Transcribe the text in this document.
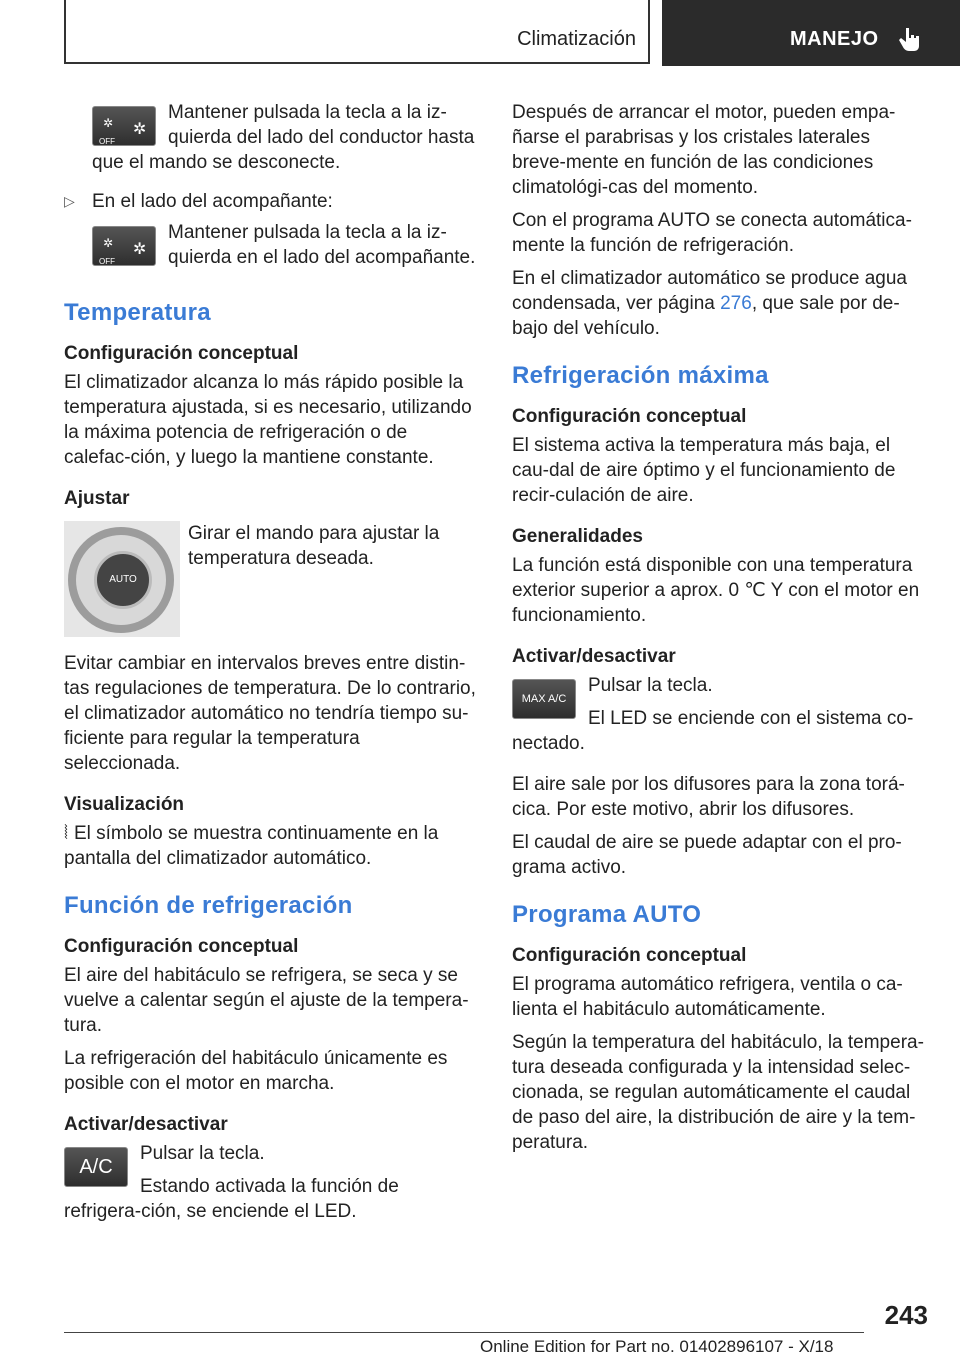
Climatización	MANEJO
OFF
✲
✲	Mantener pulsada la tecla a la iz-quierda del lado del conductor hasta que el mando se desconecte.

▷ En el lado del acompañante:
OFF
✲
✲	Mantener pulsada la tecla a la iz-quierda en el lado del acompañante.

Temperatura
Configuración conceptual

El climatizador alcanza lo más rápido posible la temperatura ajustada, si es necesario, utilizando la máxima potencia de refrigeración o de calefac-ción, y luego la mantiene constante.

Ajustar
AUTO

Girar el mando para ajustar la temperatura deseada.

Evitar cambiar en intervalos breves entre distin-tas regulaciones de temperatura. De lo contrario, el climatizador automático no tendría tiempo su-ficiente para regular la temperatura seleccionada.

Visualización

⦚ El símbolo se muestra continuamente en la pantalla del climatizador automático.

Función de refrigeración
Configuración conceptual

El aire del habitáculo se refrigera, se seca y se vuelve a calentar según el ajuste de la tempera-tura.

La refrigeración del habitáculo únicamente es posible con el motor en marcha.

Activar/desactivar
A/C

Pulsar la tecla.

Estando activada la función de refrigera-ción, se enciende el LED.

Después de arrancar el motor, pueden empa-ñarse el parabrisas y los cristales laterales breve-mente en función de las condiciones climatológi-cas del momento.

Con el programa AUTO se conecta automática-mente la función de refrigeración.

En el climatizador automático se produce agua condensada, ver página 276, que sale por de-bajo del vehículo.

Refrigeración máxima
Configuración conceptual

El sistema activa la temperatura más baja, el cau-dal de aire óptimo y el funcionamiento de recir-culación de aire.

Generalidades

La función está disponible con una temperatura exterior superior a aprox. 0 ℃ Y con el motor en funcionamiento.

Activar/desactivar
MAX A/C

Pulsar la tecla.

El LED se enciende con el sistema co-nectado.

El aire sale por los difusores para la zona torá-cica. Por este motivo, abrir los difusores.

El caudal de aire se puede adaptar con el pro-grama activo.

Programa AUTO
Configuración conceptual

El programa automático refrigera, ventila o ca-lienta el habitáculo automáticamente.

Según la temperatura del habitáculo, la tempera-tura deseada configurada y la intensidad selec-cionada, se regulan automáticamente el caudal de paso del aire, la distribución de aire y la tem-peratura.

243
Online Edition for Part no. 01402896107 - X/18
